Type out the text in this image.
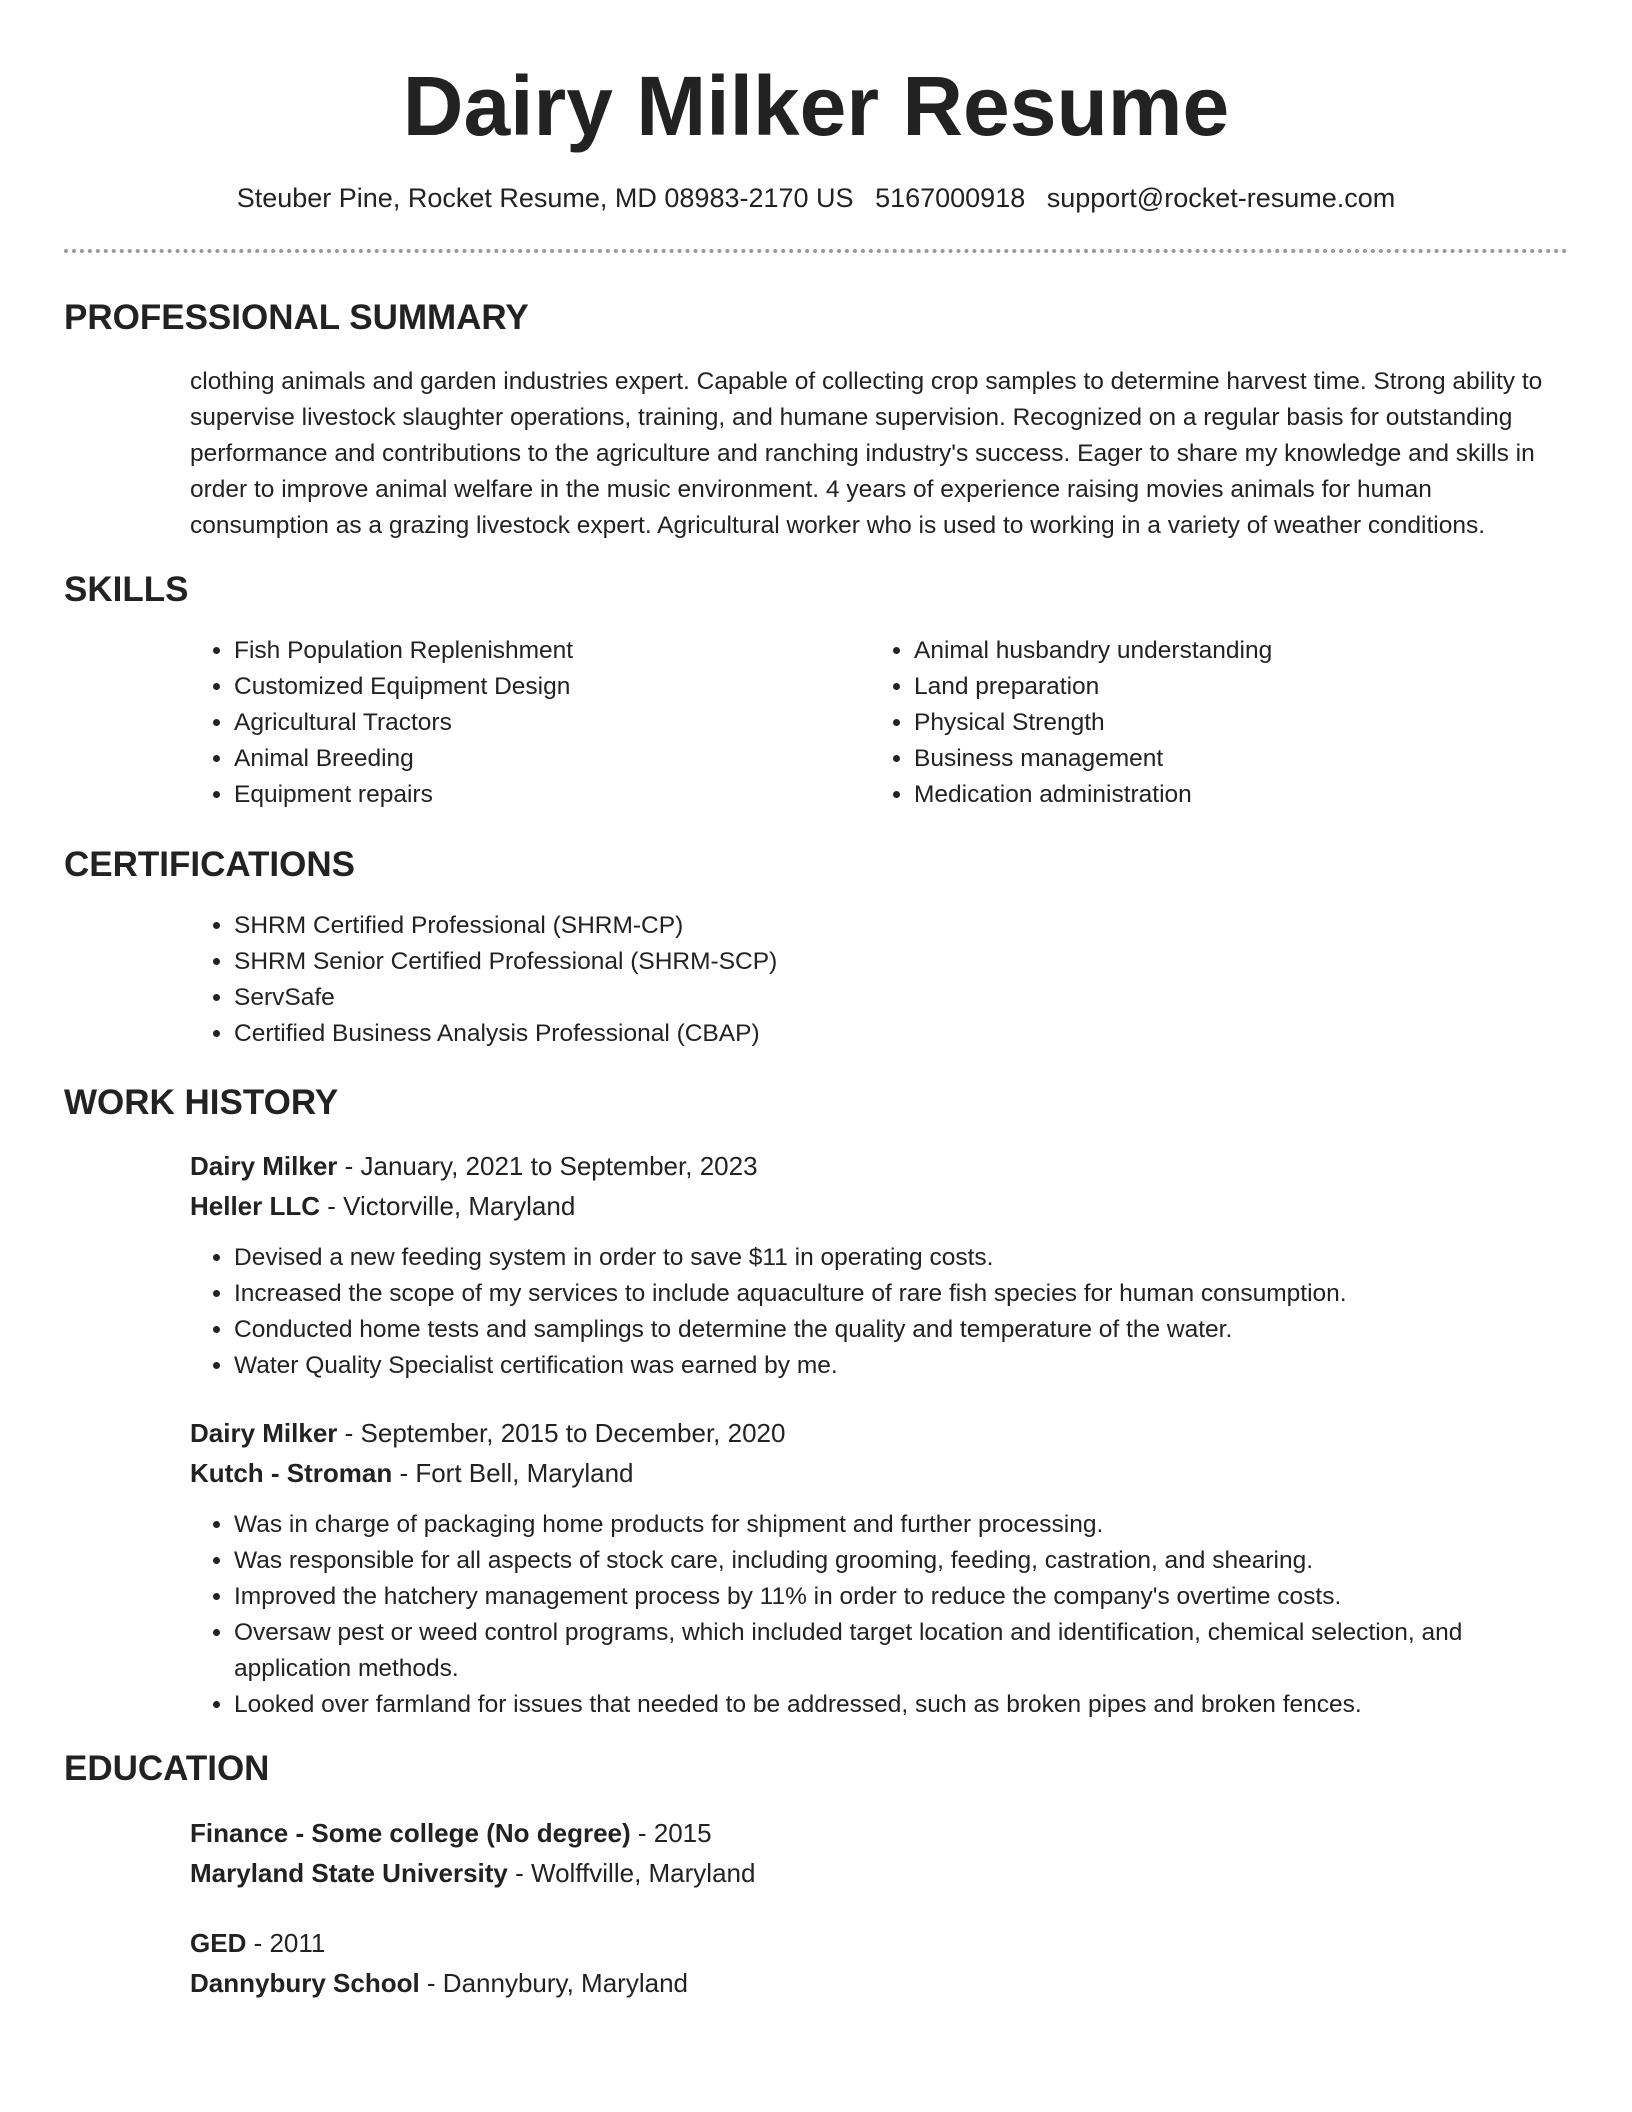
Dairy Milker Resume
Steuber Pine, Rocket Resume, MD 08983-2170 US 5167000918 support@rocket-resume.com
PROFESSIONAL SUMMARY

clothing animals and garden industries expert. Capable of collecting crop samples to determine harvest time. Strong ability to supervise livestock slaughter operations, training, and humane supervision. Recognized on a regular basis for outstanding performance and contributions to the agriculture and ranching industry's success. Eager to share my knowledge and skills in order to improve animal welfare in the music environment. 4 years of experience raising movies animals for human consumption as a grazing livestock expert. Agricultural worker who is used to working in a variety of weather conditions.

SKILLS
• Fish Population Replenishment
• Customized Equipment Design
• Agricultural Tractors
• Animal Breeding
• Equipment repairs
• Animal husbandry understanding
• Land preparation
• Physical Strength
• Business management
• Medication administration
CERTIFICATIONS
• SHRM Certified Professional (SHRM-CP)
• SHRM Senior Certified Professional (SHRM-SCP)
• ServSafe
• Certified Business Analysis Professional (CBAP)
WORK HISTORY
Dairy Milker - January, 2021 to September, 2023
Heller LLC - Victorville, Maryland
• Devised a new feeding system in order to save $11 in operating costs.
• Increased the scope of my services to include aquaculture of rare fish species for human consumption.
• Conducted home tests and samplings to determine the quality and temperature of the water.
• Water Quality Specialist certification was earned by me.
Dairy Milker - September, 2015 to December, 2020
Kutch - Stroman - Fort Bell, Maryland
• Was in charge of packaging home products for shipment and further processing.
• Was responsible for all aspects of stock care, including grooming, feeding, castration, and shearing.
• Improved the hatchery management process by 11% in order to reduce the company's overtime costs.
• Oversaw pest or weed control programs, which included target location and identification, chemical selection, and application methods.
• Looked over farmland for issues that needed to be addressed, such as broken pipes and broken fences.
EDUCATION
Finance - Some college (No degree) - 2015
Maryland State University - Wolffville, Maryland
GED - 2011
Dannybury School - Dannybury, Maryland
